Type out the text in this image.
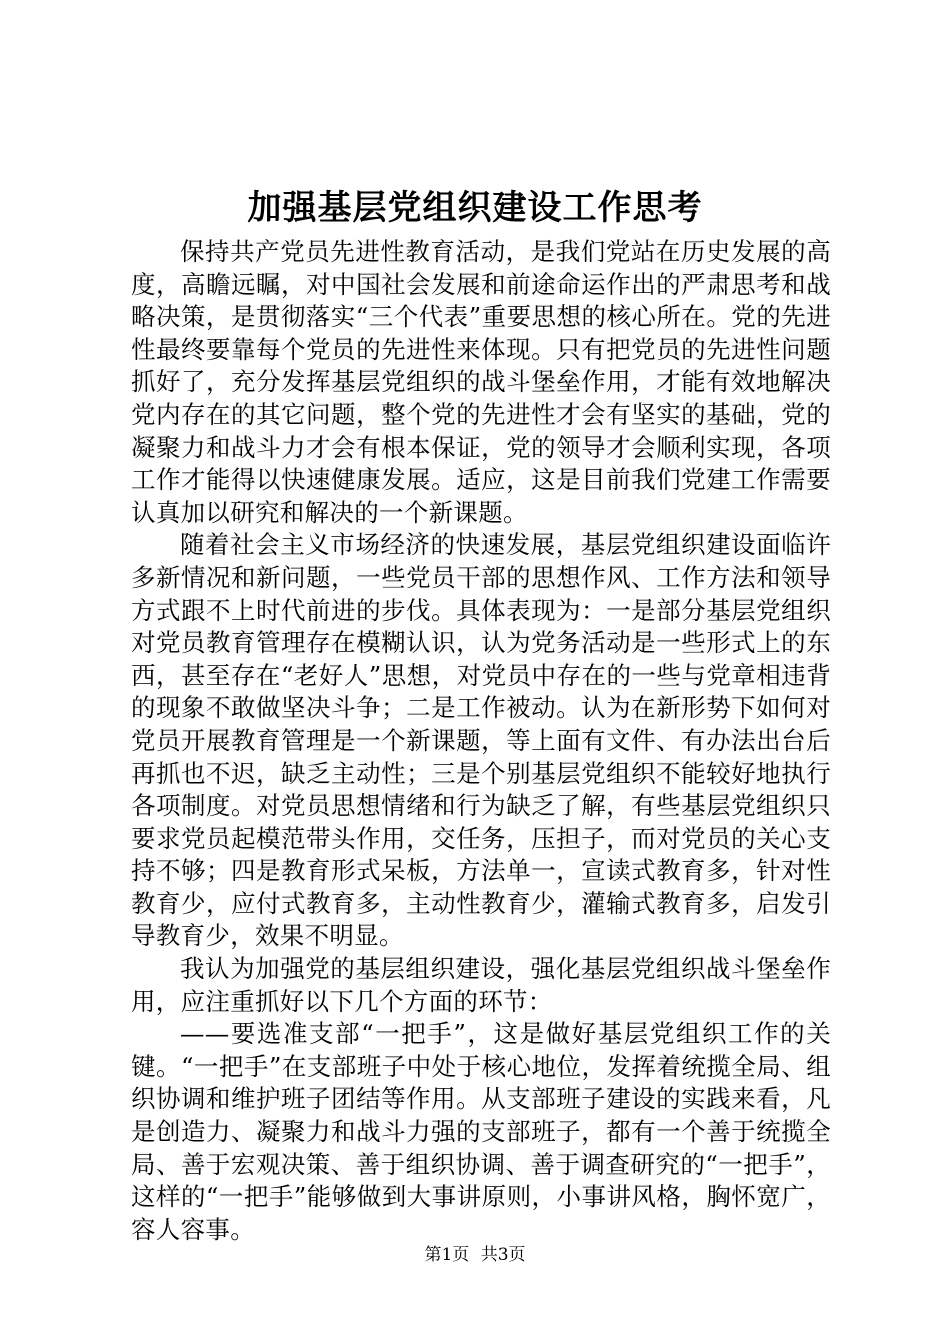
加强基层党组织建设工作思考

保持共产党员先进性教育活动，是我们党站在历史发展的高度，高瞻远瞩，对中国社会发展和前途命运作出的严肃思考和战略决策，是贯彻落实“三个代表”重要思想的核心所在。党的先进性最终要靠每个党员的先进性来体现。只有把党员的先进性问题抓好了，充分发挥基层党组织的战斗堡垒作用，才能有效地解决党内存在的其它问题，整个党的先进性才会有坚实的基础，党的凝聚力和战斗力才会有根本保证，党的领导才会顺利实现，各项工作才能得以快速健康发展。适应，这是目前我们党建工作需要认真加以研究和解决的一个新课题。

随着社会主义市场经济的快速发展，基层党组织建设面临许多新情况和新问题，一些党员干部的思想作风、工作方法和领导方式跟不上时代前进的步伐。具体表现为：一是部分基层党组织对党员教育管理存在模糊认识，认为党务活动是一些形式上的东西，甚至存在“老好人”思想，对党员中存在的一些与党章相违背的现象不敢做坚决斗争；二是工作被动。认为在新形势下如何对党员开展教育管理是一个新课题，等上面有文件、有办法出台后再抓也不迟，缺乏主动性；三是个别基层党组织不能较好地执行各项制度。对党员思想情绪和行为缺乏了解，有些基层党组织只要求党员起模范带头作用，交任务，压担子，而对党员的关心支持不够；四是教育形式呆板，方法单一，宣读式教育多，针对性教育少，应付式教育多，主动性教育少，灌输式教育多，启发引导教育少，效果不明显。

我认为加强党的基层组织建设，强化基层党组织战斗堡垒作用，应注重抓好以下几个方面的环节：

——要选准支部“一把手”，这是做好基层党组织工作的关键。“一把手”在支部班子中处于核心地位，发挥着统揽全局、组织协调和维护班子团结等作用。从支部班子建设的实践来看，凡是创造力、凝聚力和战斗力强的支部班子，都有一个善于统揽全局、善于宏观决策、善于组织协调、善于调查研究的“一把手”，这样的“一把手”能够做到大事讲原则，小事讲风格，胸怀宽广，容人容事。

第1页 共3页
